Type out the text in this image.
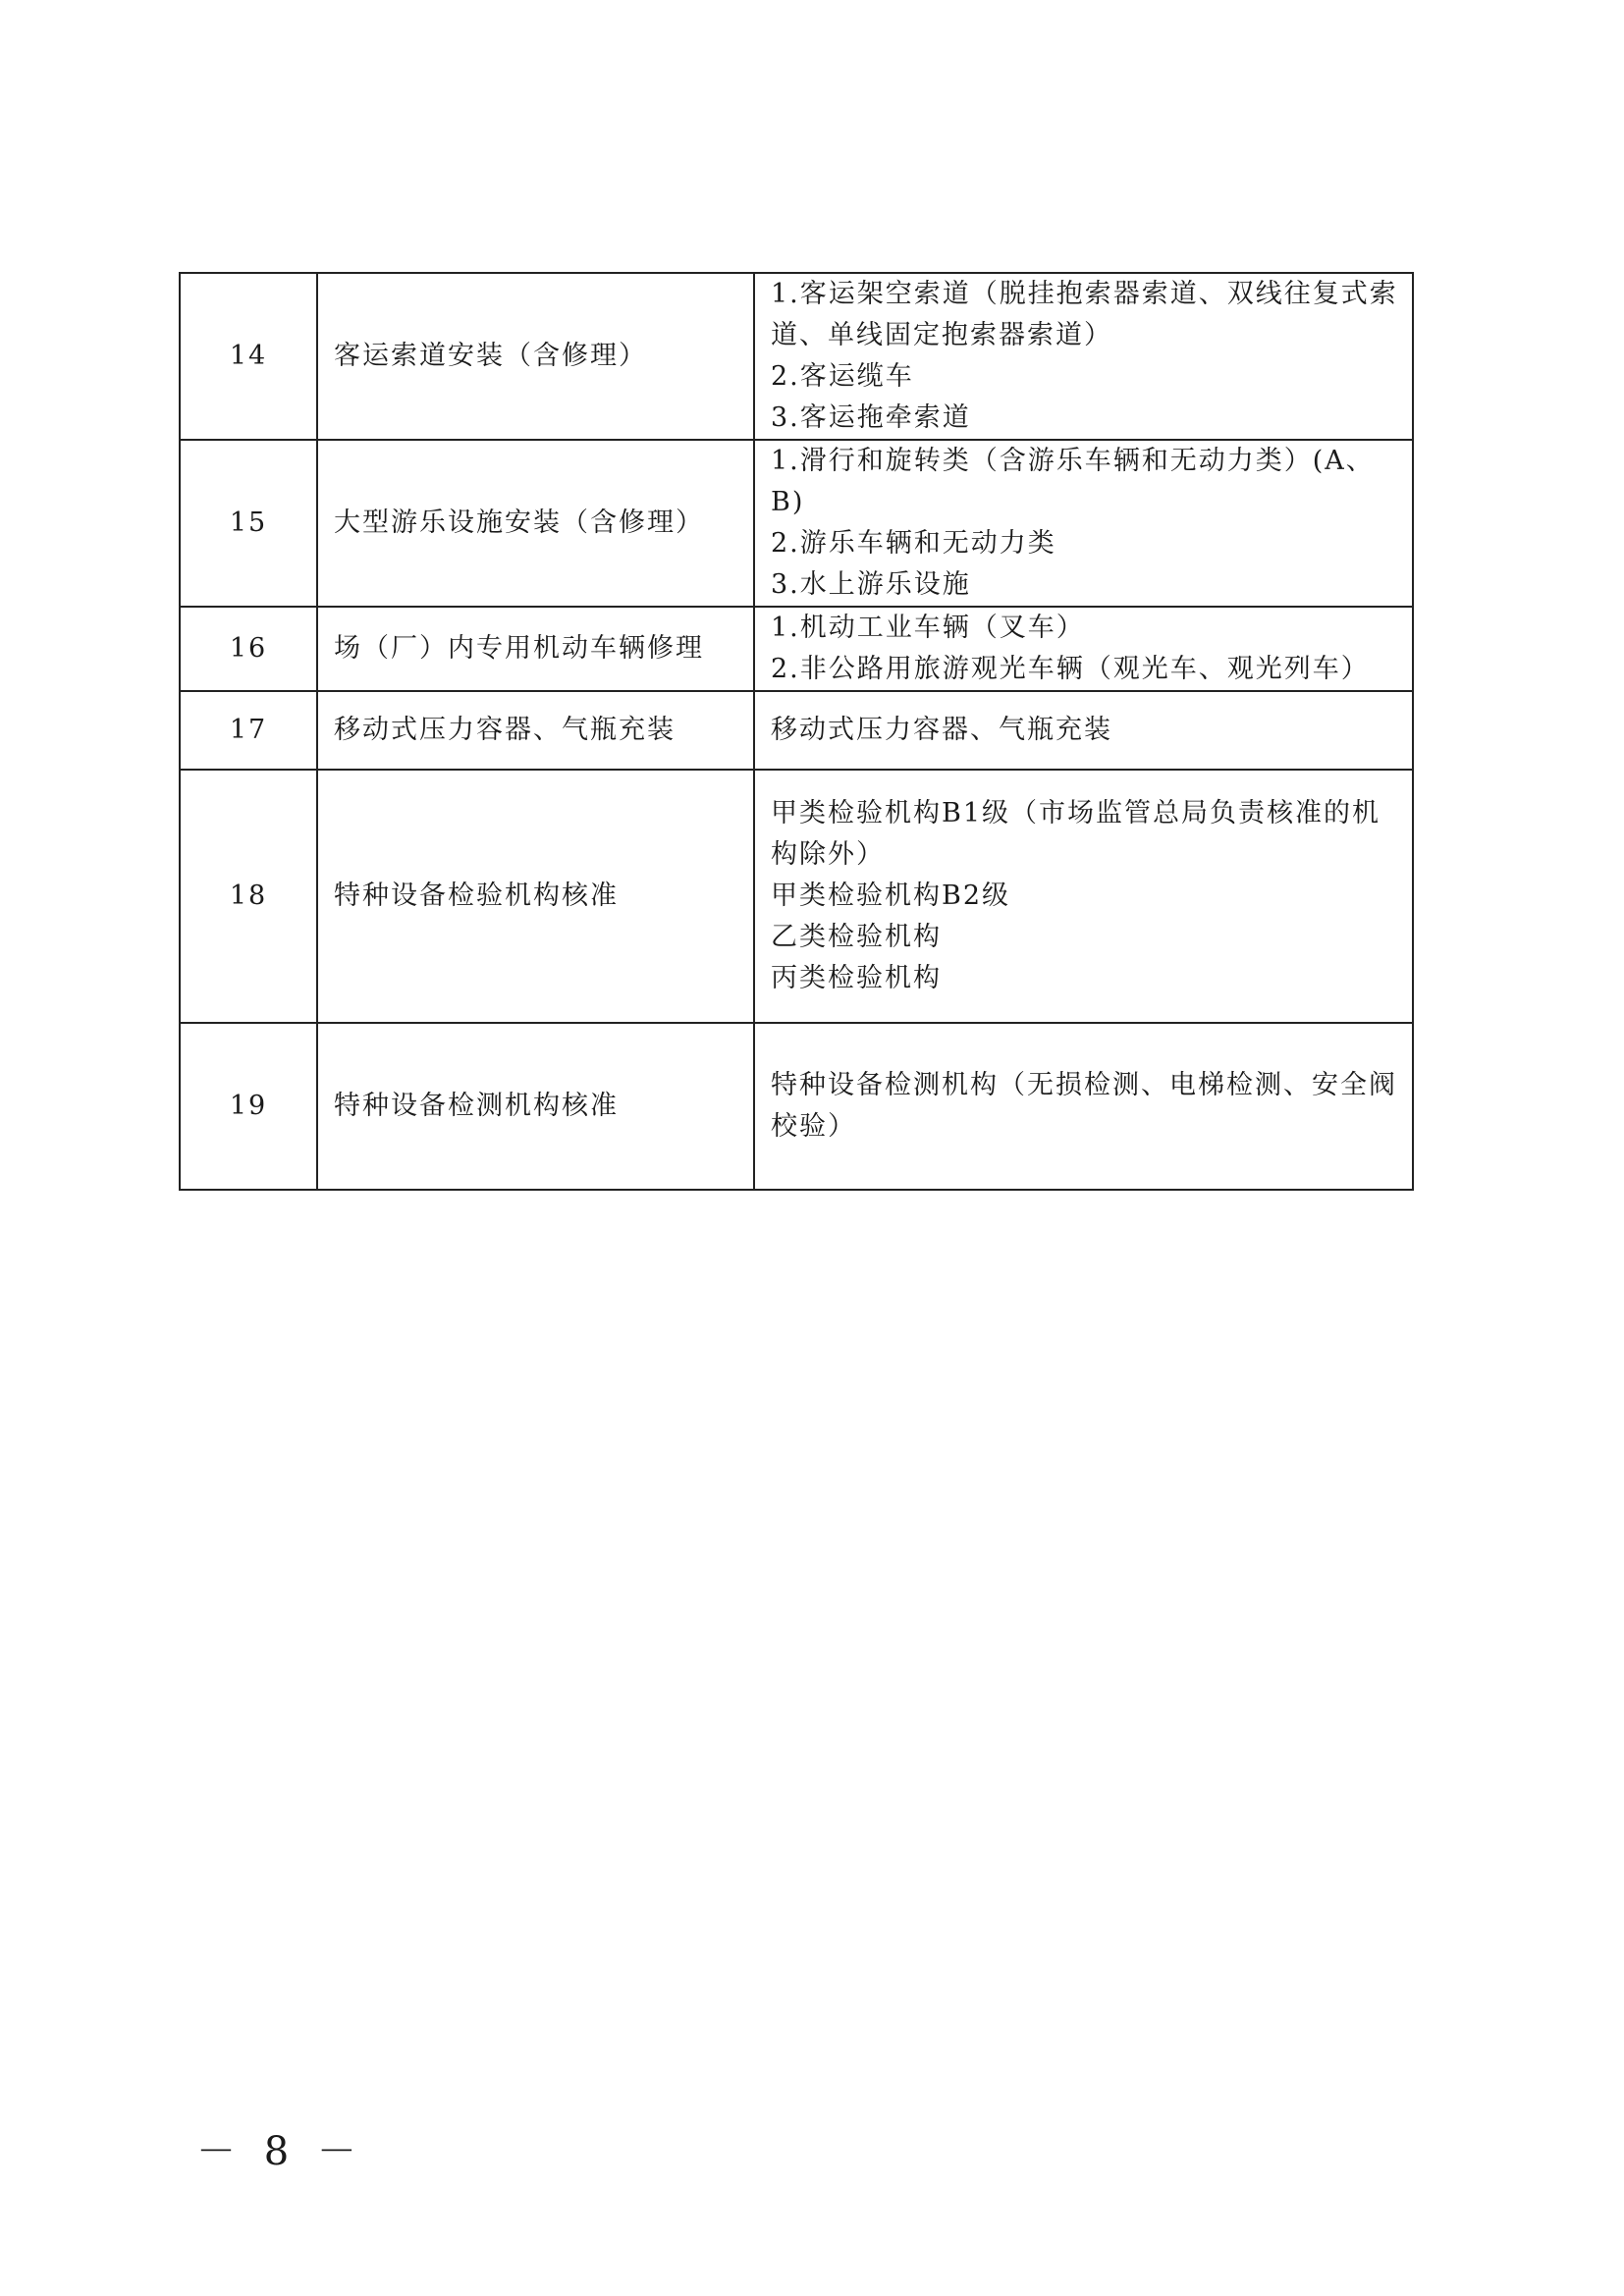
14	客运索道安装（含修理）	1.客运架空索道（脱挂抱索器索道、双线往复式索
道、单线固定抱索器索道）
2.客运缆车
3.客运拖牵索道

15	大型游乐设施安装（含修理）	1.滑行和旋转类（含游乐车辆和无动力类）(A、B)
2.游乐车辆和无动力类
3.水上游乐设施

16	场（厂）内专用机动车辆修理	1.机动工业车辆（叉车）
2.非公路用旅游观光车辆（观光车、观光列车）

17	移动式压力容器、气瓶充装	移动式压力容器、气瓶充装

18	特种设备检验机构核准	甲类检验机构B1级（市场监管总局负责核准的机
构除外）
甲类检验机构B2级
乙类检验机构
丙类检验机构

19	特种设备检测机构核准	特种设备检测机构（无损检测、电梯检测、安全阀
校验）
－ 8 －
